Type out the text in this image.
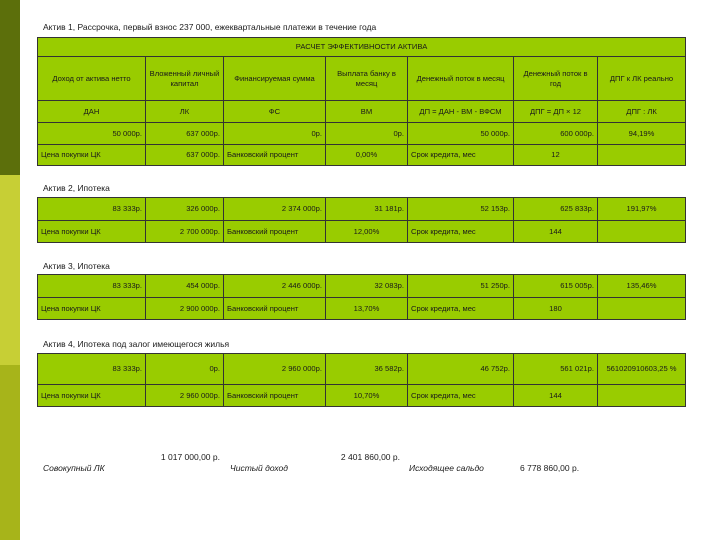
Актив 1, Рассрочка, первый взнос 237 000, ежеквартальные платежи в течение года
РАСЧЕТ ЭФФЕКТИВНОСТИ АКТИВА						
Доход от актива нетто	Вложенный личный капитал	Финансируемая сумма	Выплата банку в месяц	Денежный поток в месяц	Денежный поток в год	ДПГ к ЛК реально
ДАН	ЛК	ФС	ВМ	ДП = ДАН - ВМ - ВФСМ	ДПГ = ДП × 12	ДПГ : ЛК
50 000р.	637 000р.	0р.	0р.	50 000р.	600 000р.	94,19%
Цена покупки ЦК	637 000р.	Банковский процент	0,00%	Срок кредита, мес	12	
Актив 2, Ипотека
83 333р.	326 000р.	2 374 000р.	31 181р.	52 153р.	625 833р.	191,97%
Цена покупки ЦК	2 700 000р.	Банковский процент	12,00%	Срок кредита, мес	144	
Актив 3, Ипотека
83 333р.	454 000р.	2 446 000р.	32 083р.	51 250р.	615 005р.	135,46%
Цена покупки ЦК	2 900 000р.	Банковский процент	13,70%	Срок кредита, мес	180	
Актив 4, Ипотека под залог имеющегося жилья
83 333р.	0р.	2 960 000р.	36 582р.	46 752р.	561 021р.	561020910603,25 %
Цена покупки ЦК	2 960 000р.	Банковский процент	10,70%	Срок кредита, мес	144	
Совокупный ЛК
1 017 000,00 р.
Чистый доход
2 401 860,00 р.
Исходящее сальдо	6 778 860,00 р.
